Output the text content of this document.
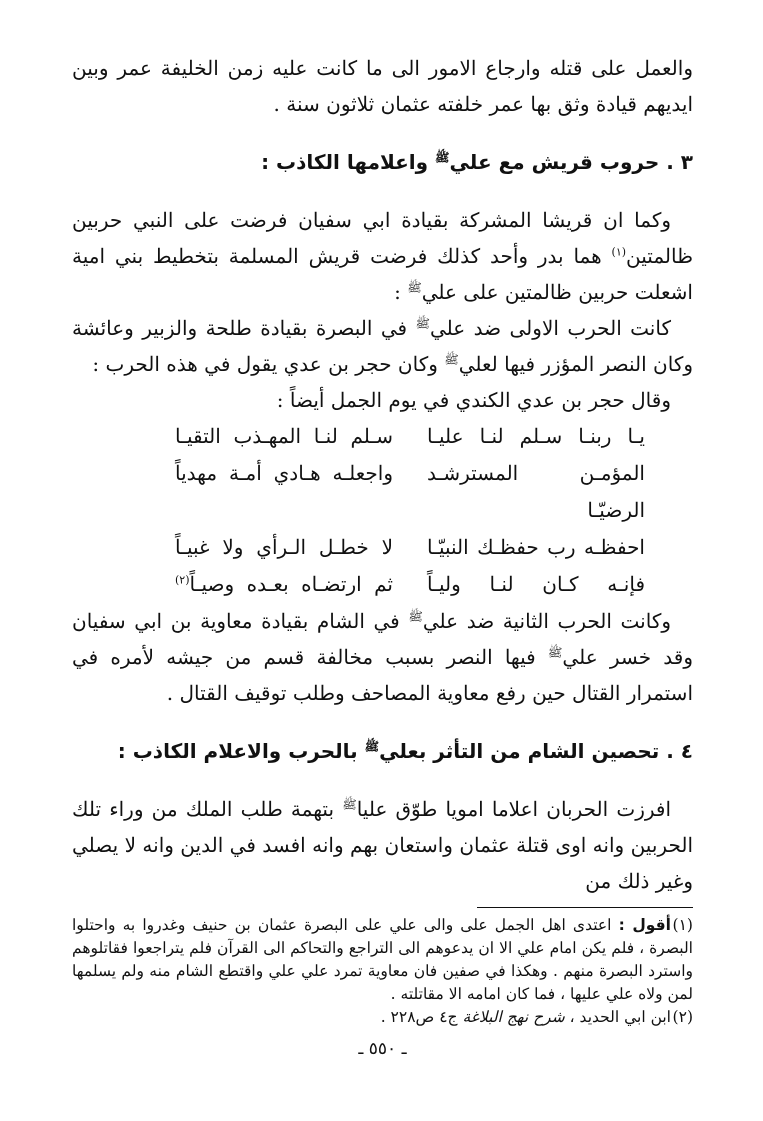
والعمل على قتله وارجاع الامور الى ما كانت عليه زمن الخليفة عمر وبين ايديهم قيادة وثق بها عمر خلفته عثمان ثلاثون سنة .

٣ . حروب قريش مع علي$^ﷺ$ واعلامها الكاذب :

وكما ان قريشا المشركة بقيادة ابي سفيان فرضت على النبي حربين ظالمتين$^{(١)}$ هما بدر وأحد كذلك فرضت قريش المسلمة بتخطيط بني امية اشعلت حربين ظالمتين على علي$^ﷺ$ :

كانت الحرب الاولى ضد علي$^ﷺ$ في البصرة بقيادة طلحة والزبير وعائشة وكان النصر المؤزر فيها لعلي$^ﷺ$ وكان حجر بن عدي يقول في هذه الحرب :

وقال حجر بن عدي الكندي في يوم الجمل أيضاً :

يـا ربنـا سـلم لنـا عليـا
سـلم لنـا المهـذب التقيـا
المؤمـن المسترشـد الرضيّـا
واجعلـه هـادي أمـة مهدياً
احفظـه رب حفظـك النبيّـا
لا خطـل الـرأي ولا غبيـاً
فإنـه كـان لنـا وليـاً
ثم ارتضـاه بعـده وصيـاً$^{(٢)}$

وكانت الحرب الثانية ضد علي$^ﷺ$ في الشام بقيادة معاوية بن ابي سفيان وقد خسر علي$^ﷺ$ فيها النصر بسبب مخالفة قسم من جيشه لأمره في استمرار القتال حين رفع معاوية المصاحف وطلب توقيف القتال .

٤ . تحصين الشام من التأثر بعلي$^ﷺ$ بالحرب والاعلام الكاذب :

افرزت الحربان اعلاما امويا طوّق عليا$^ﷺ$ بتهمة طلب الملك من وراء تلك الحربين وانه اوى قتلة عثمان واستعان بهم وانه افسد في الدين وانه لا يصلي وغير ذلك من

(١)أقول : اعتدى اهل الجمل على والى علي على البصرة عثمان بن حنيف وغدروا به واحتلوا البصرة ، فلم يكن امام علي الا ان يدعوهم الى التراجع والتحاكم الى القرآن فلم يتراجعوا فقاتلوهم واسترد البصرة منهم . وهكذا في صفين فان معاوية تمرد علي علي واقتطع الشام منه ولم يسلمها لمن ولاه علي عليها ، فما كان امامه الا مقاتلته .

(٢)ابن ابي الحديد ، شرح نهج البلاغة ج٤ ص٢٢٨ .

ـ ٥٥٠ ـ
